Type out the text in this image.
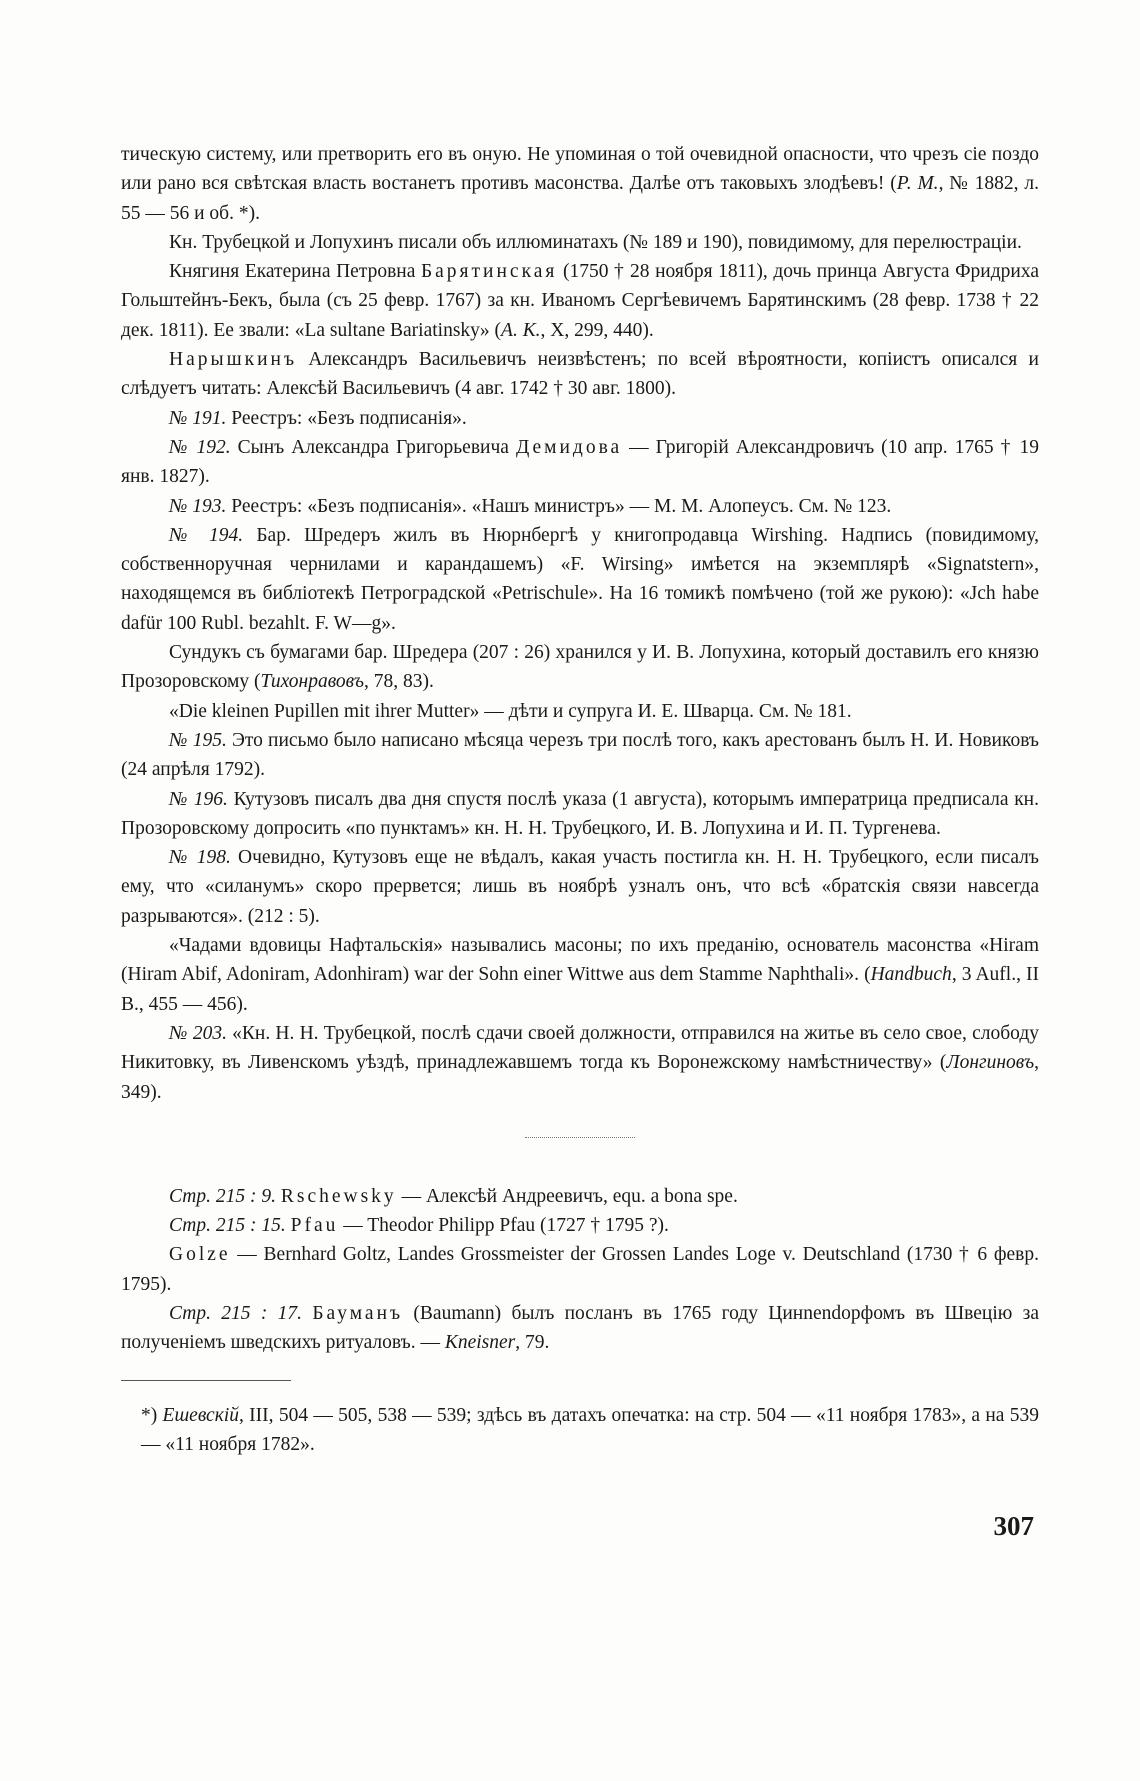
тическую систему, или претворить его въ оную. Не упоминая о той очевидной опасности, что чрезъ сіе поздо или рано вся свѣтская власть востанетъ противъ масонства. Далѣе отъ таковыхъ злодѣевъ! (Р. М., № 1882, л. 55 — 56 и об. *).

Кн. Трубецкой и Лопухинъ писали объ иллюминатахъ (№ 189 и 190), повидимому, для перелюстраціи.

Княгиня Екатерина Петровна Барятинская (1750 † 28 ноября 1811), дочь принца Августа Фридриха Гольштейнъ-Бекъ, была (съ 25 февр. 1767) за кн. Иваномъ Сергѣевичемъ Барятинскимъ (28 февр. 1738 † 22 дек. 1811). Ее звали: «La sultane Bariatinsky» (А. К., X, 299, 440).

Нарышкинъ Александръ Васильевичъ неизвѣстенъ; по всей вѣроятности, копіистъ описался и слѣдуетъ читать: Алексѣй Васильевичъ (4 авг. 1742 † 30 авг. 1800).

№ 191. Реестръ: «Безъ подписанія».

№ 192. Сынъ Александра Григорьевича Демидова — Григорій Александровичъ (10 апр. 1765 † 19 янв. 1827).

№ 193. Реестръ: «Безъ подписанія». «Нашъ министръ» — М. М. Алопеусъ. См. № 123.

№ 194. Бар. Шредеръ жилъ въ Нюрнбергѣ у книгопродавца Wirshing. Надпись (повидимому, собственноручная чернилами и карандашемъ) «F. Wirsing» имѣется на экземплярѣ «Signatstern», находящемся въ библіотекѣ Петроградской «Petrischule». На 16 томикѣ помѣчено (той же рукою): «Jch habe dafür 100 Rubl. bezahlt. F. W—g».

Сундукъ съ бумагами бар. Шредера (207 : 26) хранился у И. В. Лопухина, который доставилъ его князю Прозоровскому (Тихонравовъ, 78, 83).

«Die kleinen Pupillen mit ihrer Mutter» — дѣти и супруга И. Е. Шварца. См. № 181.

№ 195. Это письмо было написано мѣсяца черезъ три послѣ того, какъ арестованъ былъ Н. И. Новиковъ (24 апрѣля 1792).

№ 196. Кутузовъ писалъ два дня спустя послѣ указа (1 августа), которымъ императрица предписала кн. Прозоровскому допросить «по пунктамъ» кн. Н. Н. Трубецкого, И. В. Лопухина и И. П. Тургенева.

№ 198. Очевидно, Кутузовъ еще не вѣдалъ, какая участь постигла кн. Н. Н. Трубецкого, если писалъ ему, что «силанумъ» скоро прервется; лишь въ ноябрѣ узналъ онъ, что всѣ «братскія связи навсегда разрываются». (212 : 5).

«Чадами вдовицы Нафтальскія» назывались масоны; по ихъ преданію, основатель масонства «Hiram (Hiram Abif, Adoniram, Adonhiram) war der Sohn einer Wittwe aus dem Stamme Naphthali». (Handbuch, 3 Aufl., II B., 455 — 456).

№ 203. «Кн. Н. Н. Трубецкой, послѣ сдачи своей должности, отправился на житье въ село свое, слободу Никитовку, въ Ливенскомъ уѣздѣ, принадлежавшемъ тогда къ Воронежскому намѣстничеству» (Лонгиновъ, 349).

Стр. 215 : 9. Rschewsky — Алексѣй Андреевичъ, equ. a bona spe.

Стр. 215 : 15. Pfau — Theodor Philipp Pfau (1727 † 1795 ?).

Golze — Bernhard Goltz, Landes Grossmeister der Grossen Landes Loge v. Deutschland (1730 † 6 февр. 1795).

Стр. 215 : 17. Бауманъ (Baumann) былъ посланъ въ 1765 году Цинnendорфомъ въ Швецію за полученіемъ шведскихъ ритуаловъ. — Kneisner, 79.

*) Ешевскій, III, 504 — 505, 538 — 539; здѣсь въ датахъ опечатка: на стр. 504 — «11 ноября 1783», а на 539 — «11 ноября 1782».

307
